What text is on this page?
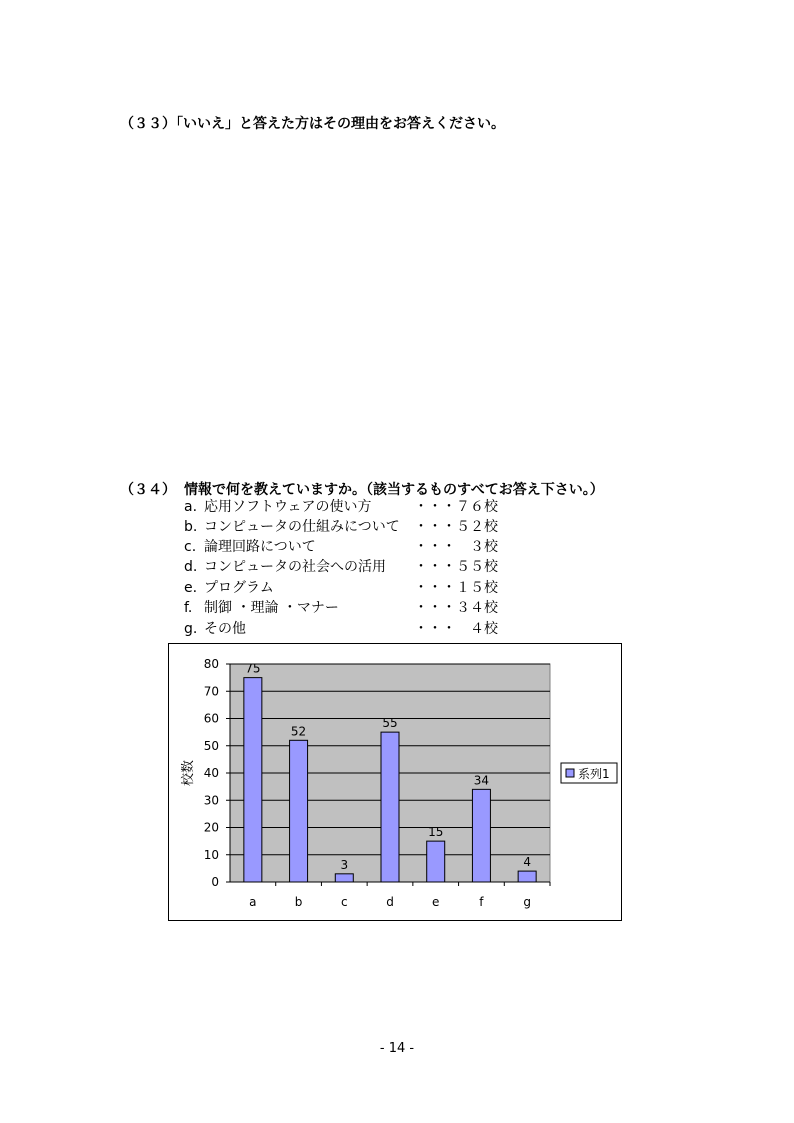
（３３）「いいえ」と答えた方はその理由をお答えください。
（３４） 情報で何を教えていますか。（該当するものすべてお答え下さい。）
a. 応用ソフトウェアの使い方	・・・７６校
b. コンピュータの仕組みについて ・・・５２校
c. 論理回路について	・・・　３校
d. コンピュータの社会への活用 ・・・５５校
e. プログラム	・・・１５校
f. 制御 ・理論 ・マナー	・・・３４校
g. その他	・・・　４校
0
10
20
30
40
50
60
70
80 75
a
52
b
3
c
55
d
15
e
34
f
4
g
校数	系列1
- 14 -
